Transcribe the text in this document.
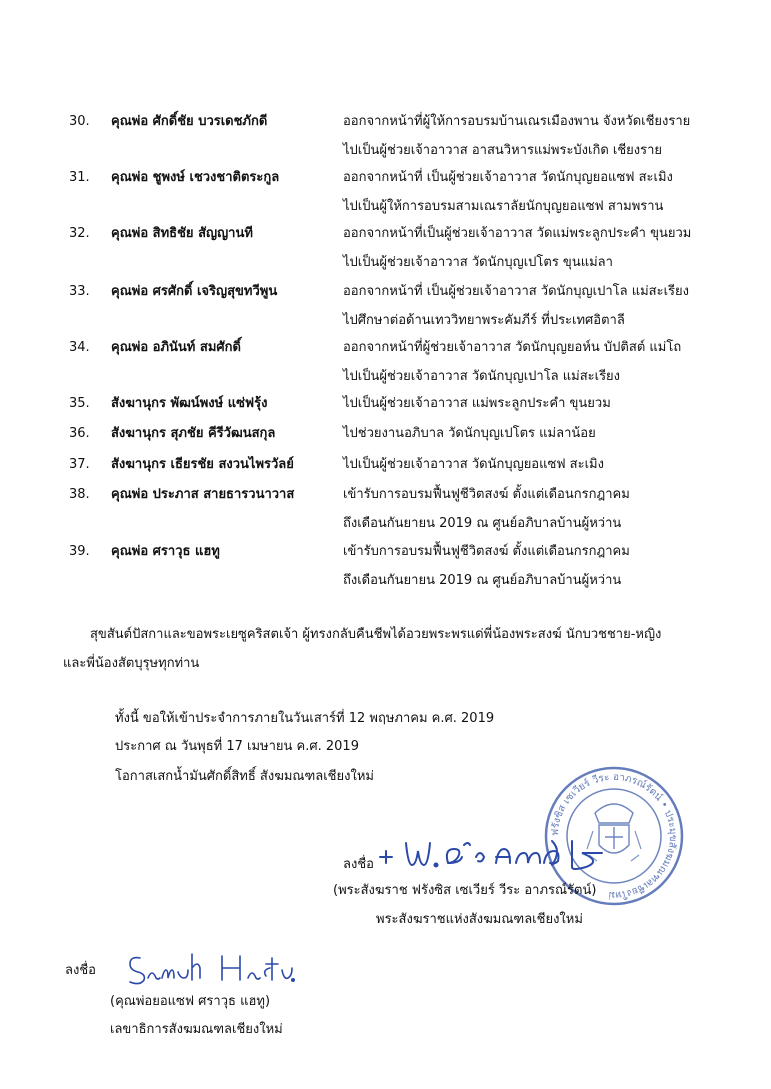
30. คุณพ่อ ศักดิ์ชัย บวรเดชภักดี	ออกจากหน้าที่ผู้ให้การอบรมบ้านเณรเมืองพาน จังหวัดเชียงราย
ไปเป็นผู้ช่วยเจ้าอาวาส อาสนวิหารแม่พระบังเกิด เชียงราย
31. คุณพ่อ ชูพงษ์ เชวงชาติตระกูล	ออกจากหน้าที่ เป็นผู้ช่วยเจ้าอาวาส วัดนักบุญยอแซฟ สะเมิง
ไปเป็นผู้ให้การอบรมสามเณราลัยนักบุญยอแซฟ สามพราน
32. คุณพ่อ สิทธิชัย สัญญานที	ออกจากหน้าที่เป็นผู้ช่วยเจ้าอาวาส วัดแม่พระลูกประคำ ขุนยวม
ไปเป็นผู้ช่วยเจ้าอาวาส วัดนักบุญเปโตร ขุนแม่ลา
33. คุณพ่อ ศรศักดิ์ เจริญสุขทวีพูน	ออกจากหน้าที่ เป็นผู้ช่วยเจ้าอาวาส วัดนักบุญเปาโล แม่สะเรียง
ไปศึกษาต่อด้านเทววิทยาพระคัมภีร์ ที่ประเทศอิตาลี
34. คุณพ่อ อภินันท์ สมศักดิ์	ออกจากหน้าที่ผู้ช่วยเจ้าอาวาส วัดนักบุญยอห์น บัปติสต์ แม่โถ
ไปเป็นผู้ช่วยเจ้าอาวาส วัดนักบุญเปาโล แม่สะเรียง
35. สังฆานุกร พัฒน์พงษ์ แซ่ฟรุ้ง	ไปเป็นผู้ช่วยเจ้าอาวาส แม่พระลูกประคำ ขุนยวม
36. สังฆานุกร สุภชัย คีรีวัฒนสกุล	ไปช่วยงานอภิบาล วัดนักบุญเปโตร แม่ลาน้อย
37. สังฆานุกร เธียรชัย สงวนไพรวัลย์	ไปเป็นผู้ช่วยเจ้าอาวาส วัดนักบุญยอแซฟ สะเมิง
38. คุณพ่อ ประภาส สายธารวนาวาส	เข้ารับการอบรมฟื้นฟูชีวิตสงฆ์ ตั้งแต่เดือนกรกฎาคม
ถึงเดือนกันยายน 2019 ณ ศูนย์อภิบาลบ้านผู้หว่าน
39. คุณพ่อ ศราวุธ แฮทู	เข้ารับการอบรมฟื้นฟูชีวิตสงฆ์ ตั้งแต่เดือนกรกฎาคม
ถึงเดือนกันยายน 2019 ณ ศูนย์อภิบาลบ้านผู้หว่าน
สุขสันต์ปัสกาและขอพระเยซูคริสตเจ้า ผู้ทรงกลับคืนชีพได้อวยพระพรแด่พี่น้องพระสงฆ์ นักบวชชาย-หญิง
และพี่น้องสัตบุรุษทุกท่าน
ทั้งนี้ ขอให้เข้าประจำการภายในวันเสาร์ที่ 12 พฤษภาคม ค.ศ. 2019
ประกาศ ณ วันพุธที่ 17 เมษายน ค.ศ. 2019
โอกาสเสกน้ำมันศักดิ์สิทธิ์ สังฆมณฑลเชียงใหม่
ฟรังซิส เซเวียร์ วีระ อาภรณ์รัตน์ • ประมุขสังฆมณฑลเชียงใหม่
ลงชื่อ
(พระสังฆราช ฟรังซิส เซเวียร์ วีระ อาภรณ์รัตน์)
พระสังฆราชแห่งสังฆมณฑลเชียงใหม่
ลงชื่อ
(คุณพ่อยอแซฟ ศราวุธ แฮทู)
เลขาธิการสังฆมณฑลเชียงใหม่
